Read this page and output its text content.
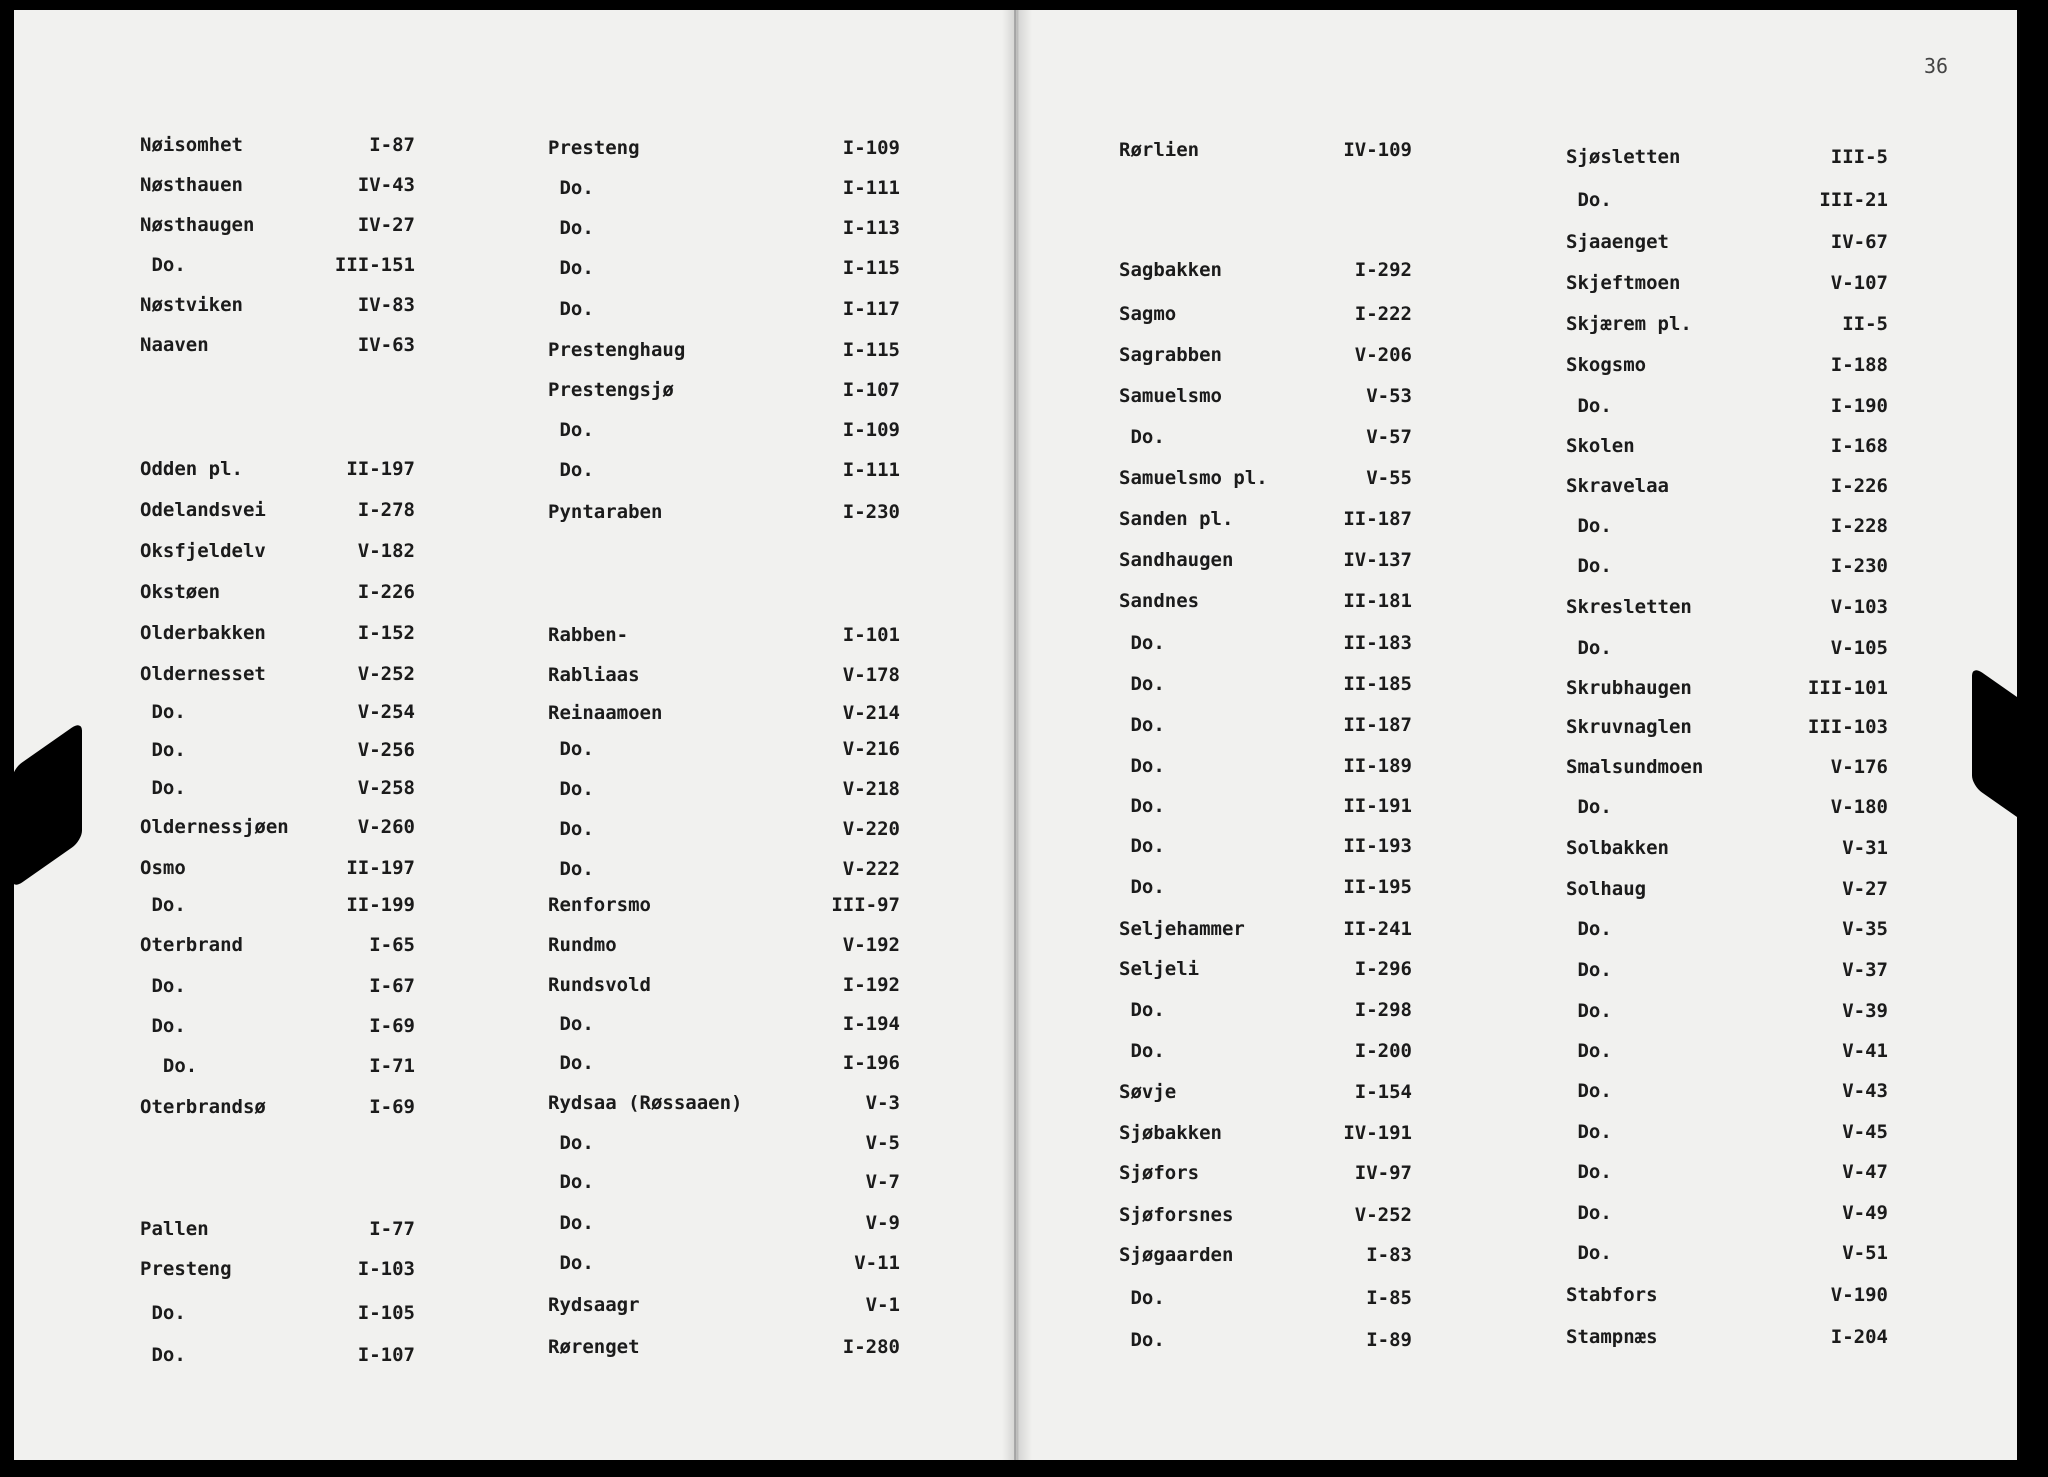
36
Nøisomhet	I-87
Nøsthauen	IV-43
Nøsthaugen	IV-27
Do.	III-151
Nøstviken	IV-83
Naaven	IV-63
Odden pl.	II-197
Odelandsvei	I-278
Oksfjeldelv	V-182
Okstøen	I-226
Olderbakken	I-152
Oldernesset	V-252
Do.	V-254
Do.	V-256
Do.	V-258
Oldernessjøen	V-260
Osmo	II-197
Do.	II-199
Oterbrand	I-65
Do.	I-67
Do.	I-69
Do.	I-71
Oterbrandsø	I-69
Pallen	I-77
Presteng	I-103
Do.	I-105
Do.	I-107
Presteng	I-109
Do.	I-111
Do.	I-113
Do.	I-115
Do.	I-117
Prestenghaug	I-115
Prestengsjø	I-107
Do.	I-109
Do.	I-111
Pyntaraben	I-230
Rabben-	I-101
Rabliaas	V-178
Reinaamoen	V-214
Do.	V-216
Do.	V-218
Do.	V-220
Do.	V-222
Renforsmo	III-97
Rundmo	V-192
Rundsvold	I-192
Do.	I-194
Do.	I-196
Rydsaa (Røssaaen)	V-3
Do.	V-5
Do.	V-7
Do.	V-9
Do.	V-11
Rydsaagr	V-1
Rørenget	I-280
Rørlien	IV-109
Sagbakken	I-292
Sagmo	I-222
Sagrabben	V-206
Samuelsmo	V-53
Do.	V-57
Samuelsmo pl.	V-55
Sanden pl.	II-187
Sandhaugen	IV-137
Sandnes	II-181
Do.	II-183
Do.	II-185
Do.	II-187
Do.	II-189
Do.	II-191
Do.	II-193
Do.	II-195
Seljehammer	II-241
Seljeli	I-296
Do.	I-298
Do.	I-200
Søvje	I-154
Sjøbakken	IV-191
Sjøfors	IV-97
Sjøforsnes	V-252
Sjøgaarden	I-83
Do.	I-85
Do.	I-89
Sjøsletten	III-5
Do.	III-21
Sjaaenget	IV-67
Skjeftmoen	V-107
Skjærem pl.	II-5
Skogsmo	I-188
Do.	I-190
Skolen	I-168
Skravelaa	I-226
Do.	I-228
Do.	I-230
Skresletten	V-103
Do.	V-105
Skrubhaugen	III-101
Skruvnaglen	III-103
Smalsundmoen	V-176
Do.	V-180
Solbakken	V-31
Solhaug	V-27
Do.	V-35
Do.	V-37
Do.	V-39
Do.	V-41
Do.	V-43
Do.	V-45
Do.	V-47
Do.	V-49
Do.	V-51
Stabfors	V-190
Stampnæs	I-204
